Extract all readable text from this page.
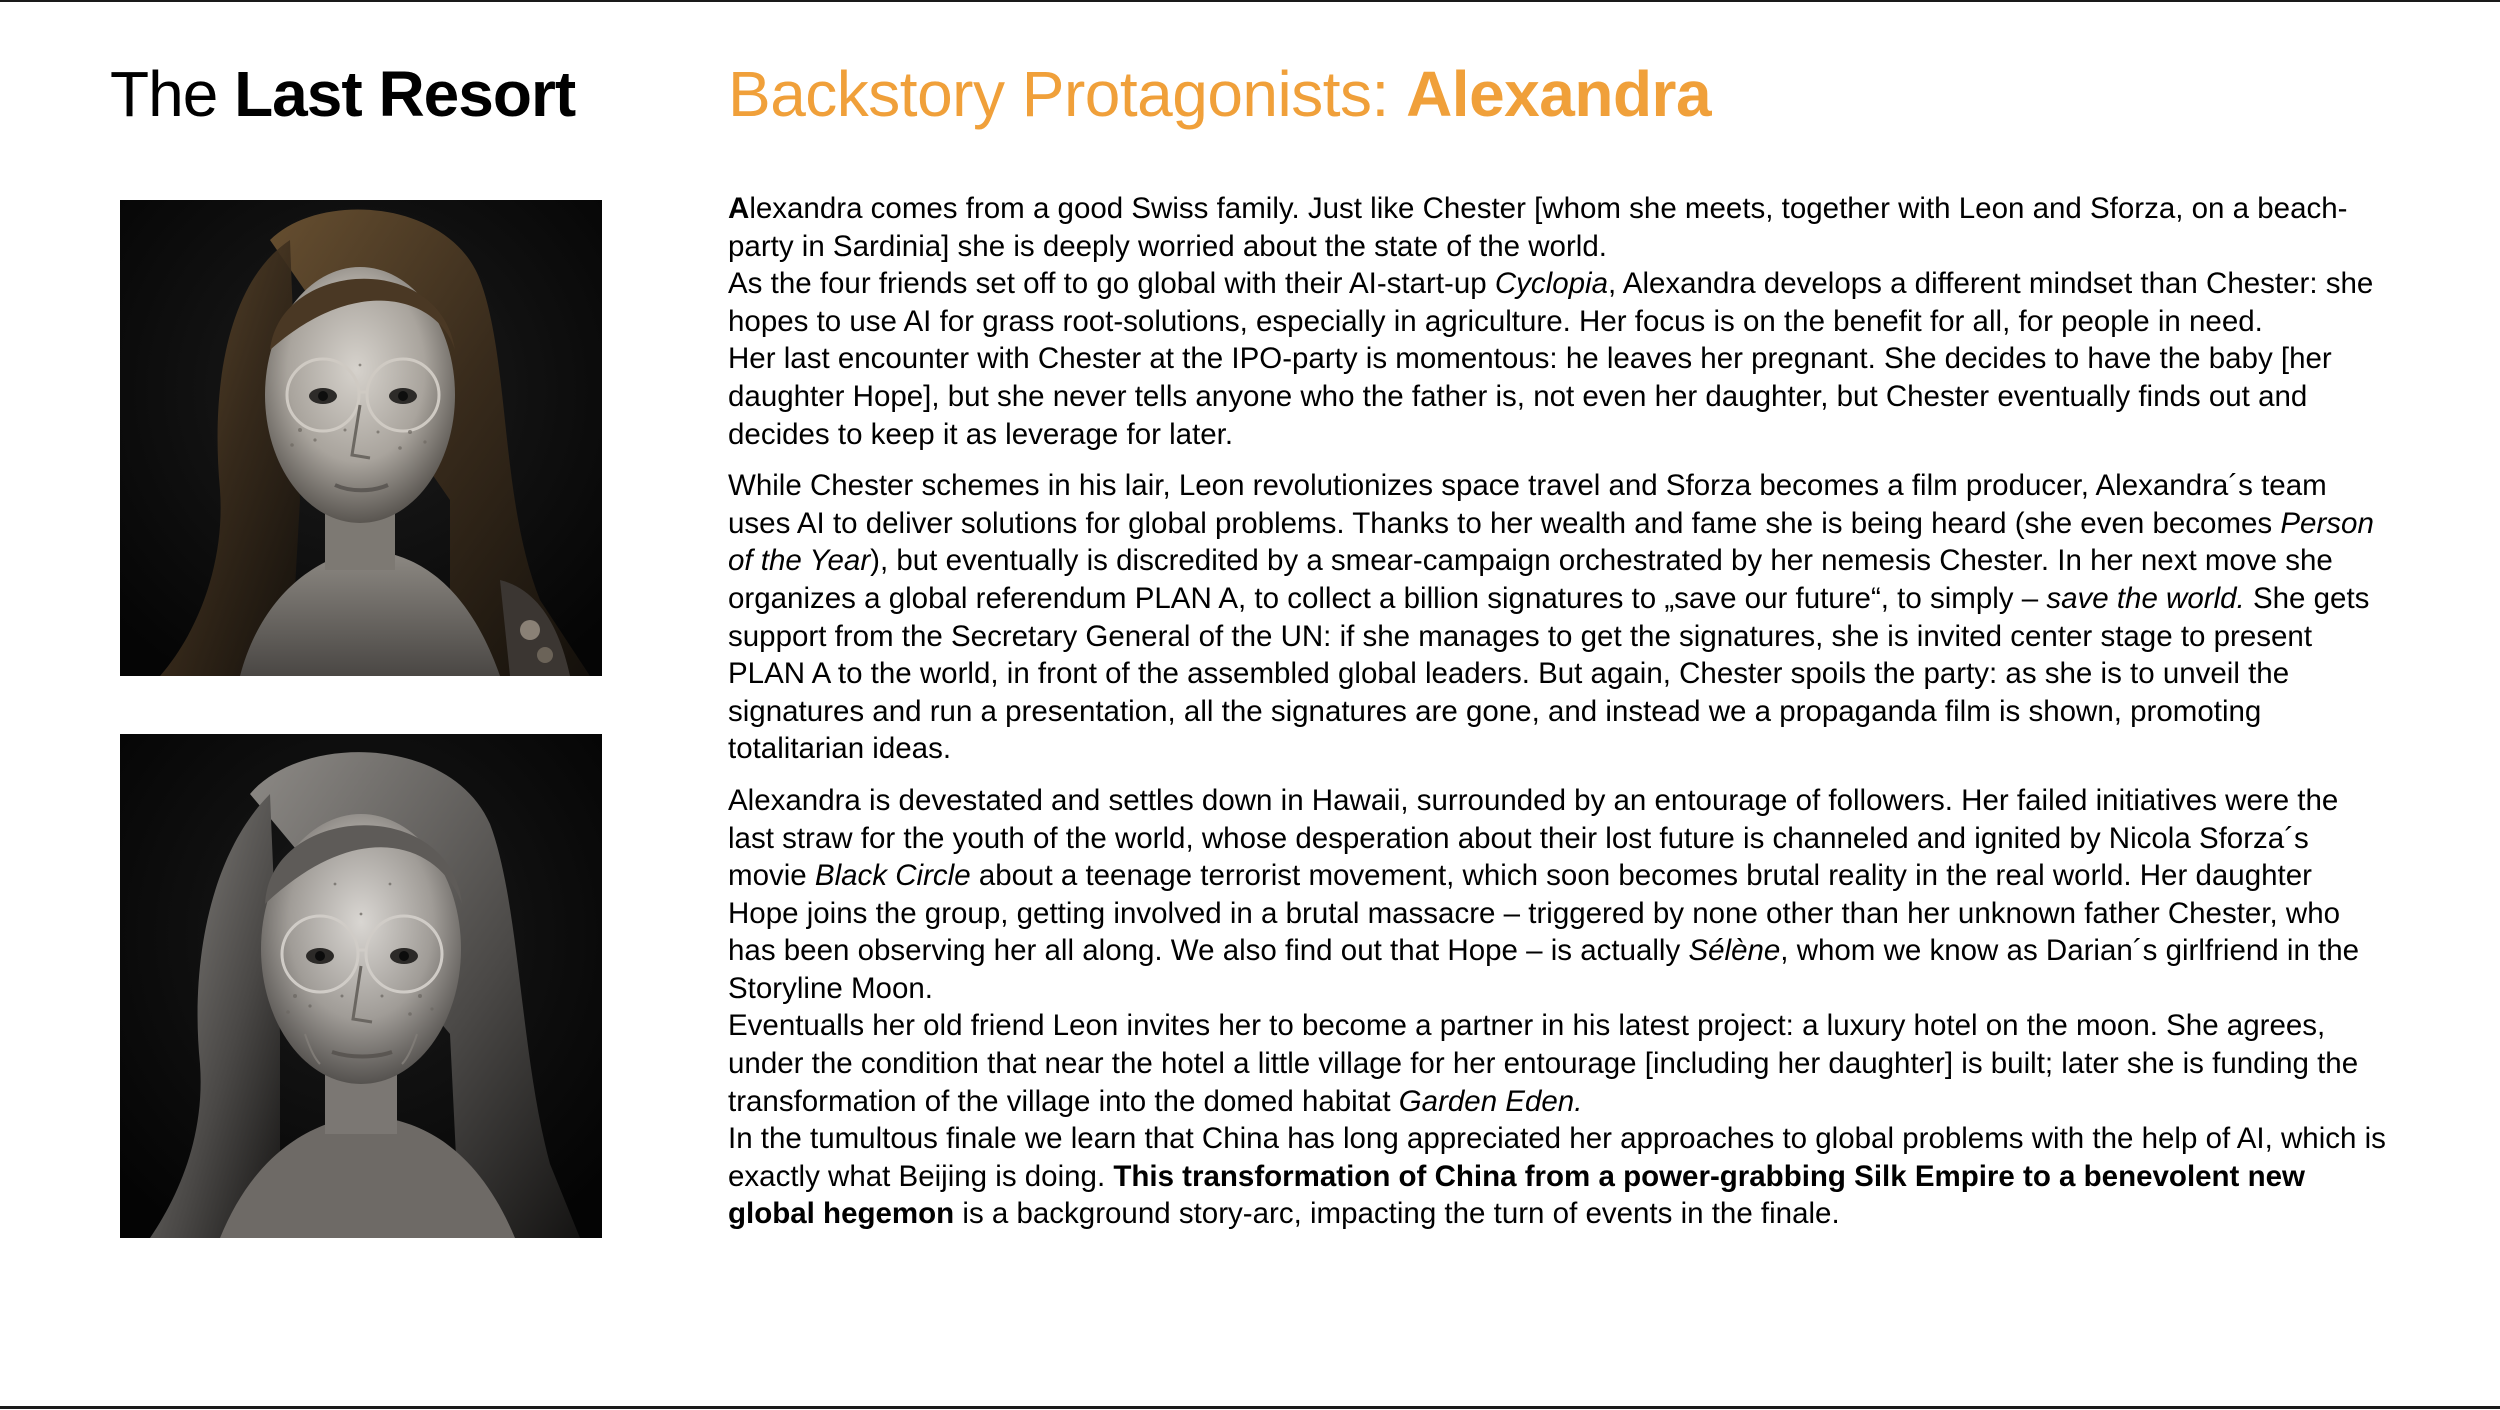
The Last Resort Backstory Protagonists: Alexandra

Alexandra comes from a good Swiss family. Just like Chester [whom she meets, together with Leon and Sforza, on a beach-party in Sardinia] she is deeply worried about the state of the world.
As the four friends set off to go global with their AI-start-up Cyclopia, Alexandra develops a different mindset than Chester: she hopes to use AI for grass root-solutions, especially in agriculture. Her focus is on the benefit for all, for people in need.
Her last encounter with Chester at the IPO-party is momentous: he leaves her pregnant. She decides to have the baby [her daughter Hope], but she never tells anyone who the father is, not even her daughter, but Chester eventually finds out and decides to keep it as leverage for later.

While Chester schemes in his lair, Leon revolutionizes space travel and Sforza becomes a film producer, Alexandra´s team uses AI to deliver solutions for global problems. Thanks to her wealth and fame she is being heard (she even becomes Person of the Year), but eventually is discredited by a smear-campaign orchestrated by her nemesis Chester. In her next move she organizes a global referendum PLAN A, to collect a billion signatures to „save our future“, to simply – save the world. She gets support from the Secretary General of the UN: if she manages to get the signatures, she is invited center stage to present PLAN A to the world, in front of the assembled global leaders. But again, Chester spoils the party: as she is to unveil the signatures and run a presentation, all the signatures are gone, and instead we a propaganda film is shown, promoting totalitarian ideas.

Alexandra is devestated and settles down in Hawaii, surrounded by an entourage of followers. Her failed initiatives were the last straw for the youth of the world, whose desperation about their lost future is channeled and ignited by Nicola Sforza´s movie Black Circle about a teenage terrorist movement, which soon becomes brutal reality in the real world. Her daughter Hope joins the group, getting involved in a brutal massacre – triggered by none other than her unknown father Chester, who has been observing her all along. We also find out that Hope – is actually Sélène, whom we know as Darian´s girlfriend in the Storyline Moon.
Eventualls her old friend Leon invites her to become a partner in his latest project: a luxury hotel on the moon. She agrees, under the condition that near the hotel a little village for her entourage [including her daughter] is built; later she is funding the transformation of the village into the domed habitat Garden Eden.
In the tumultous finale we learn that China has long appreciated her approaches to global problems with the help of AI, which is exactly what Beijing is doing. This transformation of China from a power-grabbing Silk Empire to a benevolent new global hegemon is a background story-arc, impacting the turn of events in the finale.
